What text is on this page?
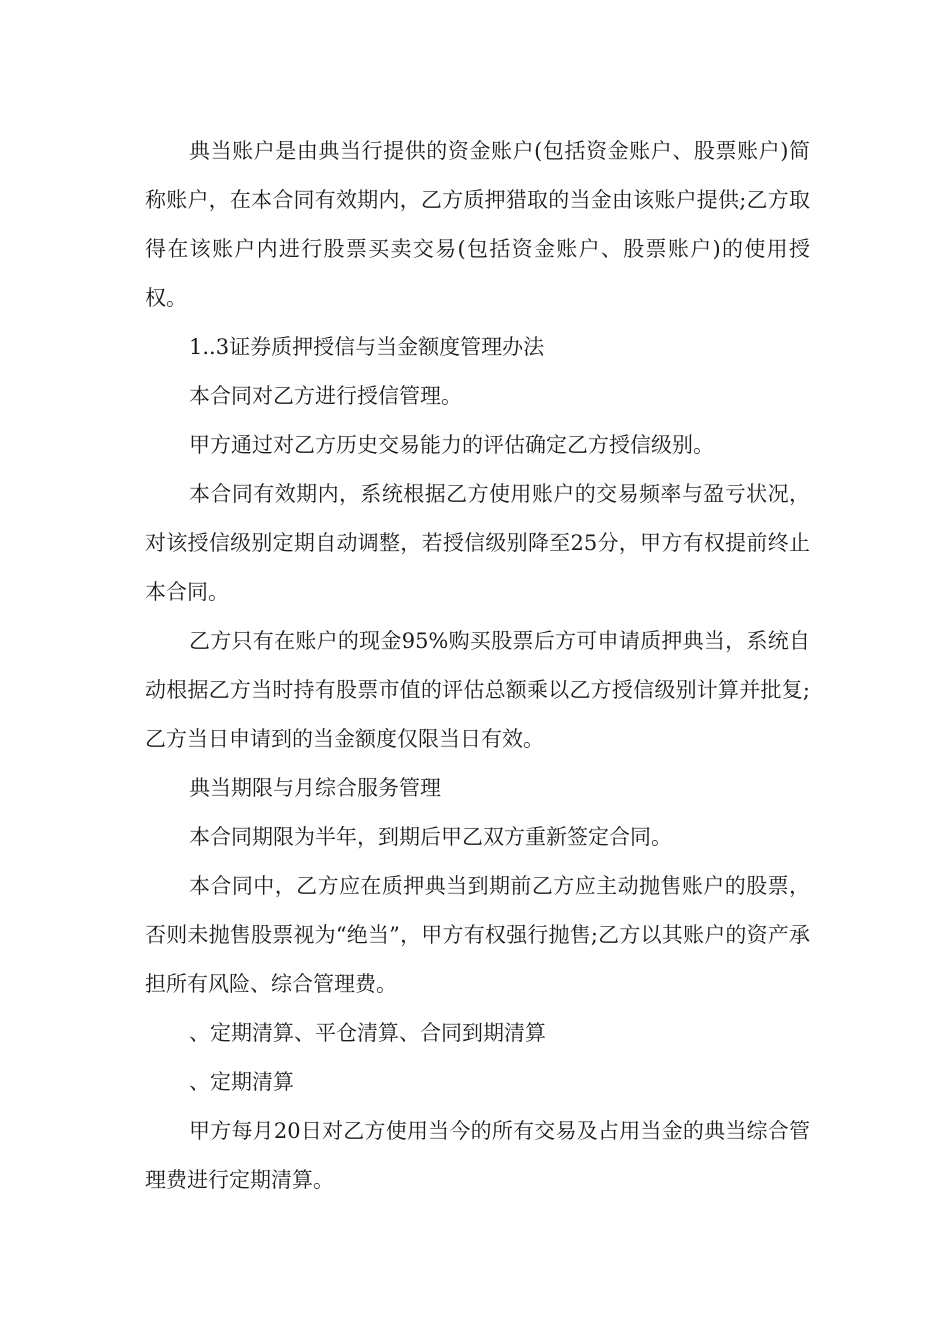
典当账户是由典当行提供的资金账户(包括资金账户、股票账户)简称账户，在本合同有效期内，乙方质押猎取的当金由该账户提供;乙方取得在该账户内进行股票买卖交易(包括资金账户、股票账户)的使用授权。

1..3证券质押授信与当金额度管理办法

本合同对乙方进行授信管理。

甲方通过对乙方历史交易能力的评估确定乙方授信级别。

本合同有效期内，系统根据乙方使用账户的交易频率与盈亏状况，对该授信级别定期自动调整，若授信级别降至25分，甲方有权提前终止本合同。

乙方只有在账户的现金95%购买股票后方可申请质押典当，系统自动根据乙方当时持有股票市值的评估总额乘以乙方授信级别计算并批复;乙方当日申请到的当金额度仅限当日有效。

典当期限与月综合服务管理

本合同期限为半年，到期后甲乙双方重新签定合同。

本合同中，乙方应在质押典当到期前乙方应主动抛售账户的股票，否则未抛售股票视为“绝当”，甲方有权强行抛售;乙方以其账户的资产承担所有风险、综合管理费。

、定期清算、平仓清算、合同到期清算

、定期清算

甲方每月20日对乙方使用当今的所有交易及占用当金的典当综合管理费进行定期清算。
